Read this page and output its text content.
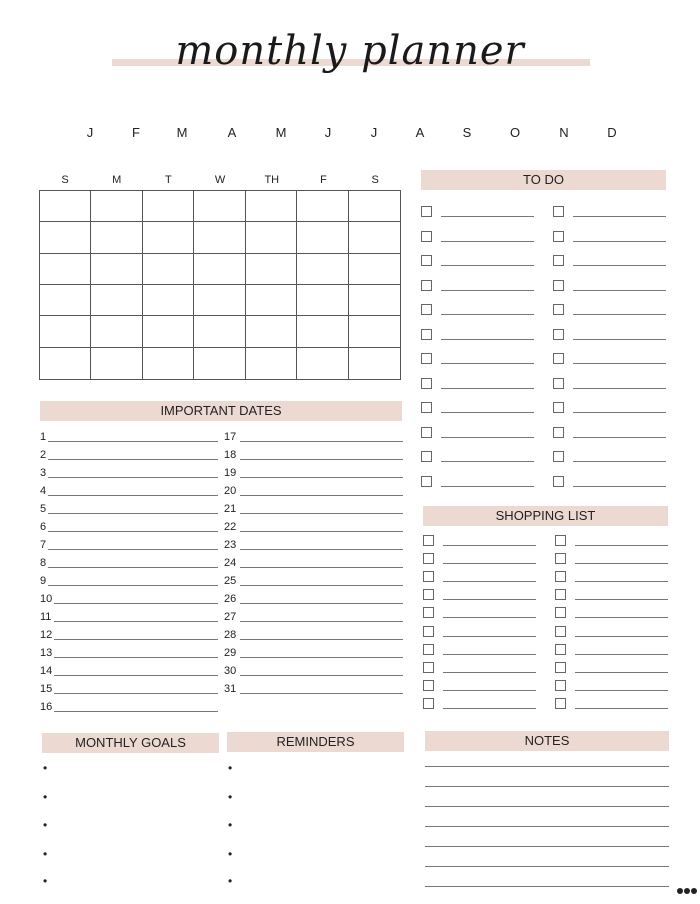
monthly planner
IMPORTANT DATES
TO DO
SHOPPING LIST
MONTHLY GOALS	REMINDERS	NOTES
J	F	M	A	M	J	J	A	S	O	N	D
S	M	T	W	TH	F	S
1
2
3
4
5
6
7
8
9
10
11
12
13
14
15
16
17
18
19
20
21
22
23
24
25
26
27
28
29
30
31
•	•
•	•
•	•
•	•
•	•
